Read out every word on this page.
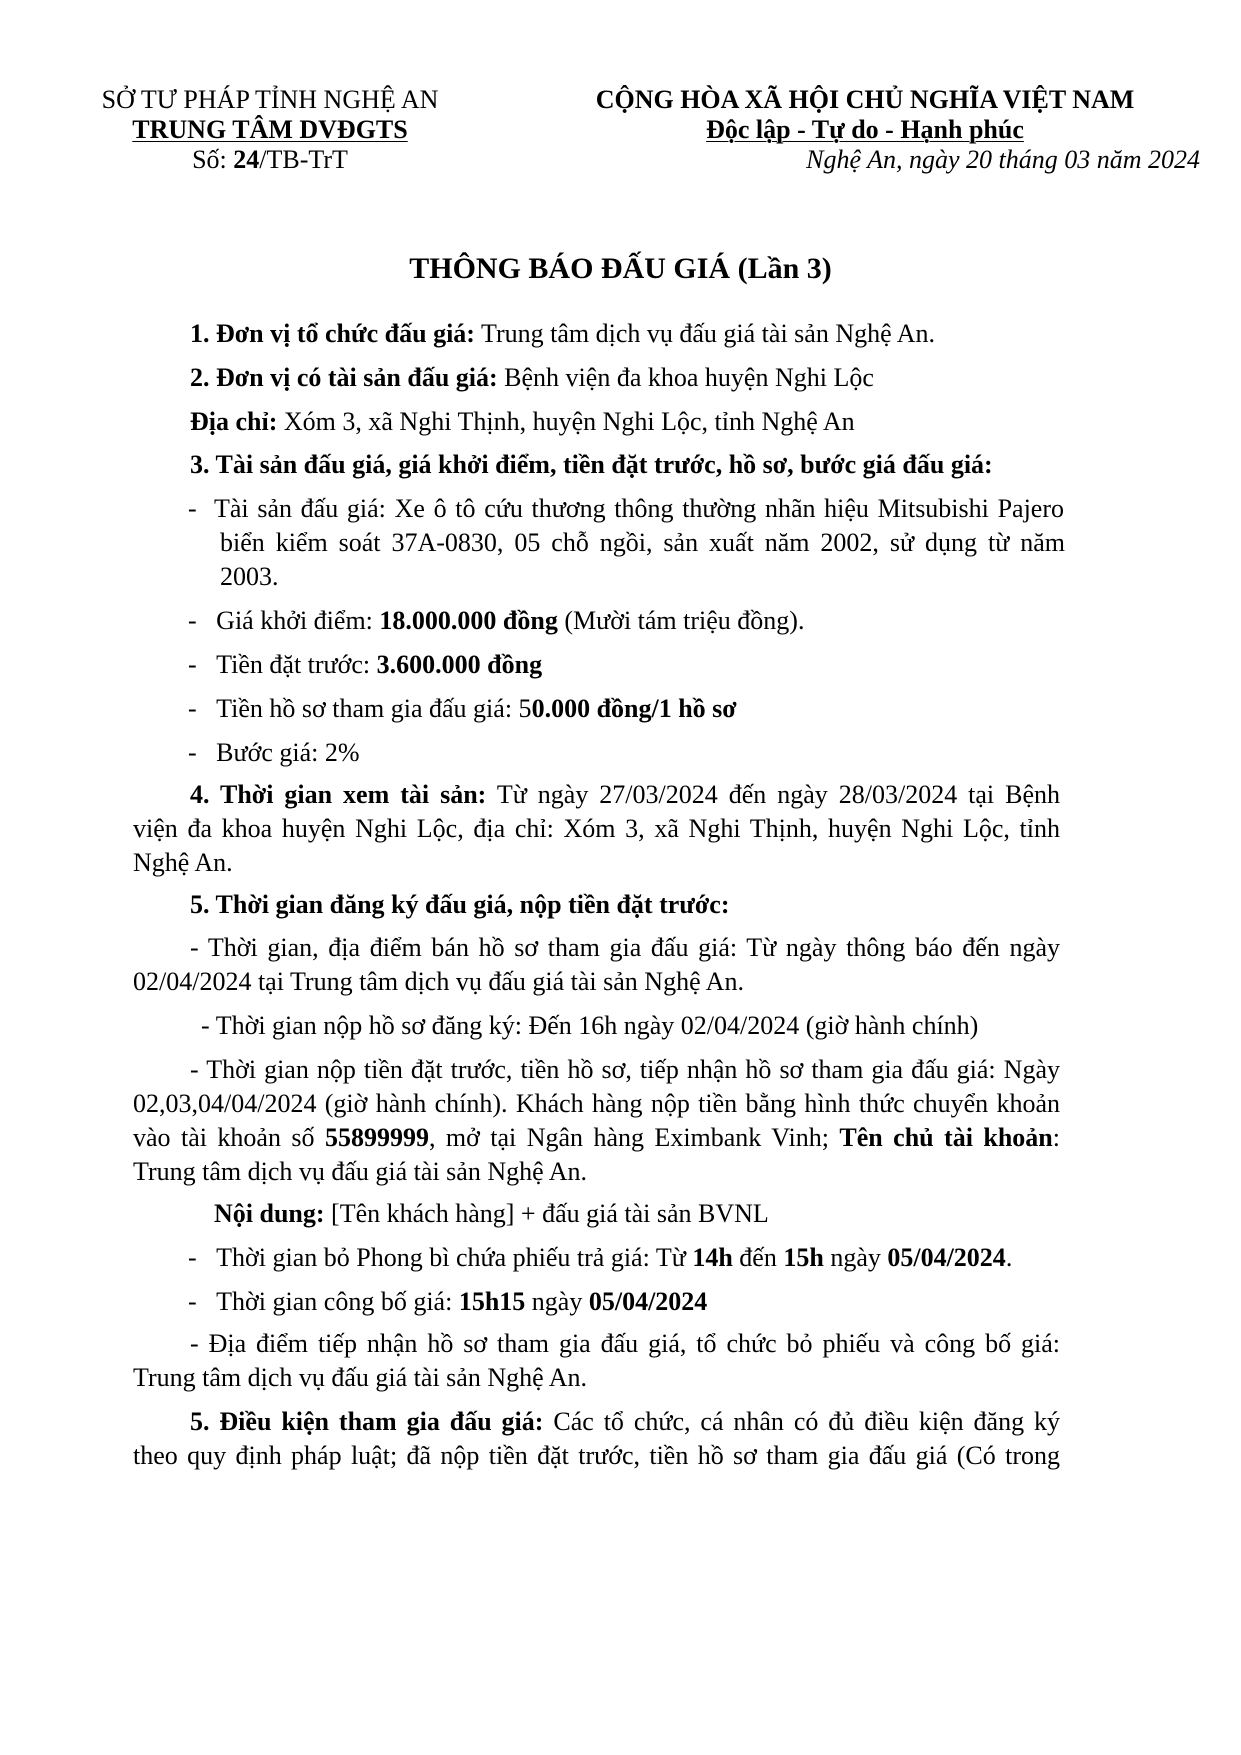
SỞ TƯ PHÁP TỈNH NGHỆ AN
TRUNG TÂM DVĐGTS
Số: 24/TB-TrT
CỘNG HÒA XÃ HỘI CHỦ NGHĨA VIỆT NAM
Độc lập - Tự do - Hạnh phúc
Nghệ An, ngày 20 tháng 03 năm 2024
THÔNG BÁO ĐẤU GIÁ (Lần 3)
1. Đơn vị tổ chức đấu giá: Trung tâm dịch vụ đấu giá tài sản Nghệ An.
2. Đơn vị có tài sản đấu giá: Bệnh viện đa khoa huyện Nghi Lộc
Địa chỉ: Xóm 3, xã Nghi Thịnh, huyện Nghi Lộc, tỉnh Nghệ An
3. Tài sản đấu giá, giá khởi điểm, tiền đặt trước, hồ sơ, bước giá đấu giá:
- Tài sản đấu giá: Xe ô tô cứu thương thông thường nhãn hiệu Mitsubishi Pajero
biển kiểm soát 37A-0830, 05 chỗ ngồi, sản xuất năm 2002, sử dụng từ năm
2003.
-   Giá khởi điểm: 18.000.000 đồng (Mười tám triệu đồng).
-   Tiền đặt trước: 3.600.000 đồng
-   Tiền hồ sơ tham gia đấu giá: 50.000 đồng/1 hồ sơ
-   Bước giá: 2%
4. Thời gian xem tài sản: Từ ngày 27/03/2024 đến ngày 28/03/2024 tại Bệnh
viện đa khoa huyện Nghi Lộc, địa chỉ: Xóm 3, xã Nghi Thịnh, huyện Nghi Lộc, tỉnh
Nghệ An.
5. Thời gian đăng ký đấu giá, nộp tiền đặt trước:
- Thời gian, địa điểm bán hồ sơ tham gia đấu giá: Từ ngày thông báo đến ngày
02/04/2024 tại Trung tâm dịch vụ đấu giá tài sản Nghệ An.
- Thời gian nộp hồ sơ đăng ký: Đến 16h ngày 02/04/2024 (giờ hành chính)
- Thời gian nộp tiền đặt trước, tiền hồ sơ, tiếp nhận hồ sơ tham gia đấu giá: Ngày
02,03,04/04/2024 (giờ hành chính). Khách hàng nộp tiền bằng hình thức chuyển khoản
vào tài khoản số 55899999, mở tại Ngân hàng Eximbank Vinh; Tên chủ tài khoản:
Trung tâm dịch vụ đấu giá tài sản Nghệ An.
Nội dung: [Tên khách hàng] + đấu giá tài sản BVNL
-   Thời gian bỏ Phong bì chứa phiếu trả giá: Từ 14h đến 15h ngày 05/04/2024.
-   Thời gian công bố giá: 15h15 ngày 05/04/2024
- Địa điểm tiếp nhận hồ sơ tham gia đấu giá, tổ chức bỏ phiếu và công bố giá:
Trung tâm dịch vụ đấu giá tài sản Nghệ An.
5. Điều kiện tham gia đấu giá: Các tổ chức, cá nhân có đủ điều kiện đăng ký
theo quy định pháp luật; đã nộp tiền đặt trước, tiền hồ sơ tham gia đấu giá (Có trong
